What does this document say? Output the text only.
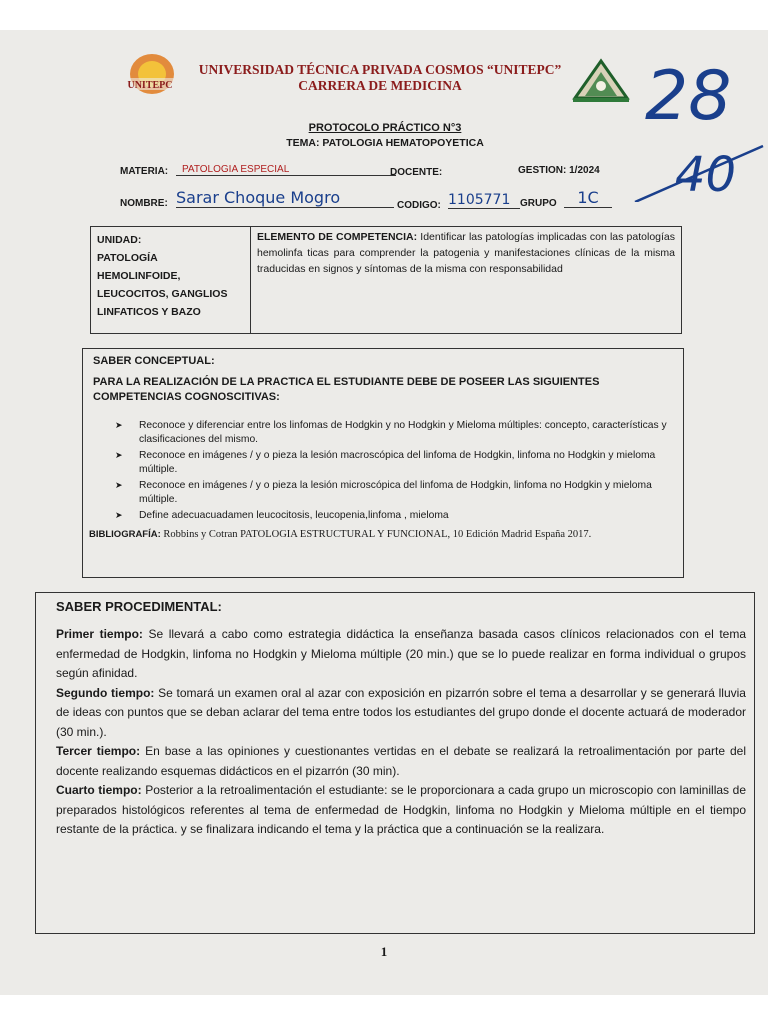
UNITEPC
UNIVERSIDAD TÉCNICA PRIVADA COSMOS “UNITEPC”
CARRERA DE MEDICINA	28
40
PROTOCOLO PRÁCTICO N°3
TEMA: PATOLOGIA HEMATOPOYETICA
MATERIA:	PATOLOGIA ESPECIAL	DOCENTE:	GESTION: 1/2024
NOMBRE: Sarar Choque Mogro	CODIGO: 1105771 GRUPO	1C
UNIDAD:
PATOLOGÍA
HEMOLINFOIDE,
LEUCOCITOS, GANGLIOS
LINFATICOS Y BAZO
ELEMENTO DE COMPETENCIA: Identificar las patologías implicadas con las patologías hemolinfa ticas para comprender la patogenia y manifestaciones clínicas de la misma traducidas en signos y síntomas de la misma con responsabilidad
SABER CONCEPTUAL:
PARA LA REALIZACIÓN DE LA PRACTICA EL ESTUDIANTE DEBE DE POSEER LAS SIGUIENTES COMPETENCIAS COGNOSCITIVAS:
➤ Reconoce y diferenciar entre los linfomas de Hodgkin y no Hodgkin y Mieloma múltiples: concepto, características y clasificaciones del mismo.
➤ Reconoce en imágenes / y o pieza la lesión macroscópica del linfoma de Hodgkin, linfoma no Hodgkin y mieloma múltiple.
➤ Reconoce en imágenes / y o pieza la lesión microscópica del linfoma de Hodgkin, linfoma no Hodgkin y mieloma múltiple.
➤ Define adecuacuadamen leucocitosis, leucopenia,linfoma , mieloma
BIBLIOGRAFÍA: Robbins y Cotran PATOLOGIA ESTRUCTURAL Y FUNCIONAL, 10 Edición Madrid España 2017.
SABER PROCEDIMENTAL:
Primer tiempo: Se llevará a cabo como estrategia didáctica la enseñanza basada casos clínicos relacionados con el tema enfermedad de Hodgkin, linfoma no Hodgkin y Mieloma múltiple (20 min.) que se lo puede realizar en forma individual o grupos según afinidad.
Segundo tiempo: Se tomará un examen oral al azar con exposición en pizarrón sobre el tema a desarrollar y se generará lluvia de ideas con puntos que se deban aclarar del tema entre todos los estudiantes del grupo donde el docente actuará de moderador (30 min.).
Tercer tiempo: En base a las opiniones y cuestionantes vertidas en el debate se realizará la retroalimentación por parte del docente realizando esquemas didácticos en el pizarrón (30 min).
Cuarto tiempo: Posterior a la retroalimentación el estudiante: se le proporcionara a cada grupo un microscopio con laminillas de preparados histológicos referentes al tema de enfermedad de Hodgkin, linfoma no Hodgkin y Mieloma múltiple en el tiempo restante de la práctica. y se finalizara indicando el tema y la práctica que a continuación se la realizara.
1
